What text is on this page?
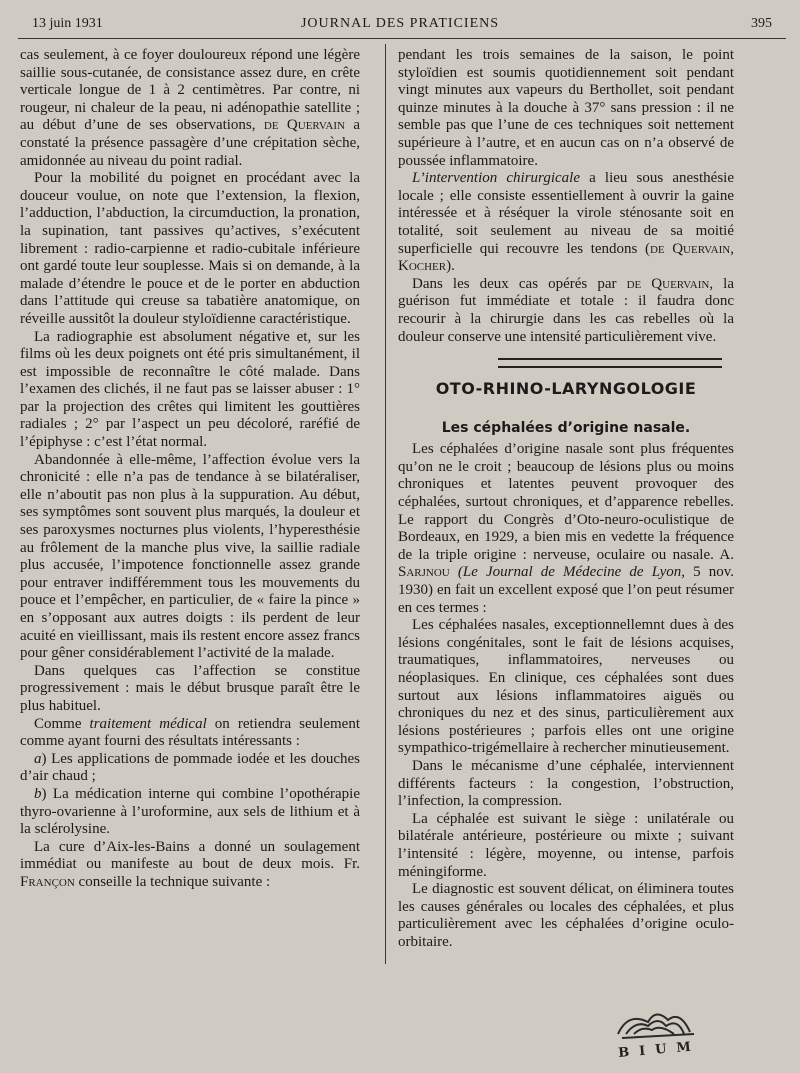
13 juin 1931	JOURNAL DES PRATICIENS	395

cas seulement, à ce foyer douloureux répond une légère saillie sous-cutanée, de consistance assez dure, en crête verticale longue de 1 à 2 centimètres. Par contre, ni rougeur, ni chaleur de la peau, ni adénopathie satellite ; au début d’une de ses observations, de Quervain a constaté la présence passagère d’une crépitation sèche, amidonnée au niveau du point radial.

Pour la mobilité du poignet en procédant avec la douceur voulue, on note que l’extension, la flexion, l’adduction, l’abduction, la circumduction, la pronation, la supination, tant passives qu’actives, s’exécutent librement : radio-carpienne et radio-cubitale inférieure ont gardé toute leur souplesse. Mais si on demande, à la malade d’étendre le pouce et de le porter en abduction dans l’attitude qui creuse sa tabatière anatomique, on réveille aussitôt la douleur styloïdienne caractéristique.

La radiographie est absolument négative et, sur les films où les deux poignets ont été pris simultanément, il est impossible de reconnaître le côté malade. Dans l’examen des clichés, il ne faut pas se laisser abuser : 1° par la projection des crêtes qui limitent les gouttières radiales ; 2° par l’aspect un peu décoloré, raréfié de l’épiphyse : c’est l’état normal.

Abandonnée à elle-même, l’affection évolue vers la chronicité : elle n’a pas de tendance à se bilatéraliser, elle n’aboutit pas non plus à la suppuration. Au début, ses symptômes sont souvent plus marqués, la douleur et ses paroxysmes nocturnes plus violents, l’hyperesthésie au frôlement de la manche plus vive, la saillie radiale plus accusée, l’impotence fonctionnelle assez grande pour entraver indifféremment tous les mouvements du pouce et l’empêcher, en particulier, de « faire la pince » en s’opposant aux autres doigts : ils perdent de leur acuité en vieillissant, mais ils restent encore assez francs pour gêner considérablement l’activité de la malade.

Dans quelques cas l’affection se constitue progressivement : mais le début brusque paraît être le plus habituel.

Comme traitement médical on retiendra seulement comme ayant fourni des résultats intéressants :

a) Les applications de pommade iodée et les douches d’air chaud ;

b) La médication interne qui combine l’opothérapie thyro-ovarienne à l’uroformine, aux sels de lithium et à la sclérolysine.

La cure d’Aix-les-Bains a donné un soulagement immédiat ou manifeste au bout de deux mois. Fr. Françon conseille la technique suivante :

pendant les trois semaines de la saison, le point styloïdien est soumis quotidiennement soit pendant vingt minutes aux vapeurs du Berthollet, soit pendant quinze minutes à la douche à 37° sans pression : il ne semble pas que l’une de ces techniques soit nettement supérieure à l’autre, et en aucun cas on n’a observé de poussée inflammatoire.

L’intervention chirurgicale a lieu sous anesthésie locale ; elle consiste essentiellement à ouvrir la gaine intéressée et à réséquer la virole sténosante soit en totalité, soit seulement au niveau de sa moitié superficielle qui recouvre les tendons (de Quervain, Kocher).

Dans les deux cas opérés par de Quervain, la guérison fut immédiate et totale : il faudra donc recourir à la chirurgie dans les cas rebelles où la douleur conserve une intensité particulièrement vive.

OTO-RHINO-LARYNGOLOGIE
Les céphalées d’origine nasale.

Les céphalées d’origine nasale sont plus fréquentes qu’on ne le croit ; beaucoup de lésions plus ou moins chroniques et latentes peuvent provoquer des céphalées, surtout chroniques, et d’apparence rebelles. Le rapport du Congrès d’Oto-neuro-oculistique de Bordeaux, en 1929, a bien mis en vedette la fréquence de la triple origine : nerveuse, oculaire ou nasale. A. Sarjnou (Le Journal de Médecine de Lyon, 5 nov. 1930) en fait un excellent exposé que l’on peut résumer en ces termes :

Les céphalées nasales, exceptionnellemnt dues à des lésions congénitales, sont le fait de lésions acquises, traumatiques, inflammatoires, nerveuses ou néoplasiques. En clinique, ces céphalées sont dues surtout aux lésions inflammatoires aiguës ou chroniques du nez et des sinus, particulièrement aux lésions postérieures ; parfois elles ont une origine sympathico-trigémellaire à rechercher minutieusement.

Dans le mécanisme d’une céphalée, interviennent différents facteurs : la congestion, l’obstruction, l’infection, la compression.

La céphalée est suivant le siège : unilatérale ou bilatérale antérieure, postérieure ou mixte ; suivant l’intensité : légère, moyenne, ou intense, parfois méningiforme.

Le diagnostic est souvent délicat, on éliminera toutes les causes générales ou locales des céphalées, et plus particulièrement avec les céphalées d’origine oculo-orbitaire.

BIUM
